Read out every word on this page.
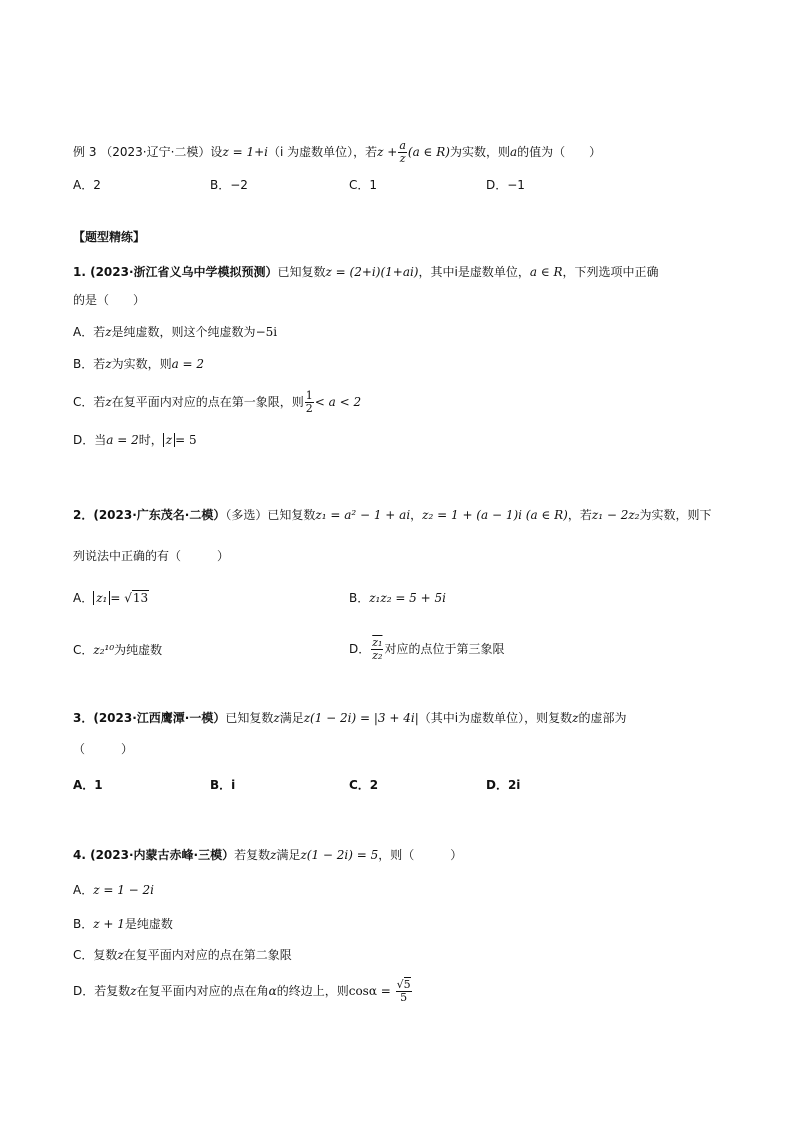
例 3 （2023·辽宁·二模）设z = 1+i（i 为虚数单位），若$z + \frac{a}{z} (a$ ∈ R)为实数，则a的值为（　　）
A．2	B．−2	C．1	D．−1
【题型精练】
1. (2023·浙江省义乌中学模拟预测）已知复数z = (2+i)(1+ai)，其中i是虚数单位，a ∈ R，下列选项中正确
的是（　　）
A．若z是纯虚数，则这个纯虚数为−5i
B．若z为实数，则a = 2
C．若z在复平面内对应的点在第一象限，则 $\frac{1}{2} < a < 2$
D．当a = 2时， z = 5
2．(2023·广东茂名·二模）（多选）已知复数z₁ = a² − 1 + ai，z₂ = 1 + (a − 1)i (a ∈ R)，若z₁ − 2z₂为实数，则下
列说法中正确的有（　　　）
A． z₁ = √13	B．z₁z₂ = 5 + 5i
C．z₂¹⁰为纯虚数	D． $\frac{\text{z₁}}{\text{z₂}}$ 对应的点位于第三象限
3．(2023·江西鹰潭·一模）已知复数z满足z(1 − 2i) = |3 + 4i|（其中i为虚数单位），则复数z的虚部为
（　　　）
A．1	B．i	C．2	D．2i
4. (2023·内蒙古赤峰·三模）若复数z满足z(1 − 2i) = 5，则（　　　）
A．z = 1 − 2i
B．z + 1是纯虚数
C．复数z在复平面内对应的点在第二象限
D．若复数z在复平面内对应的点在角α的终边上，则$\cos\alpha = \frac{√5}{5}$
